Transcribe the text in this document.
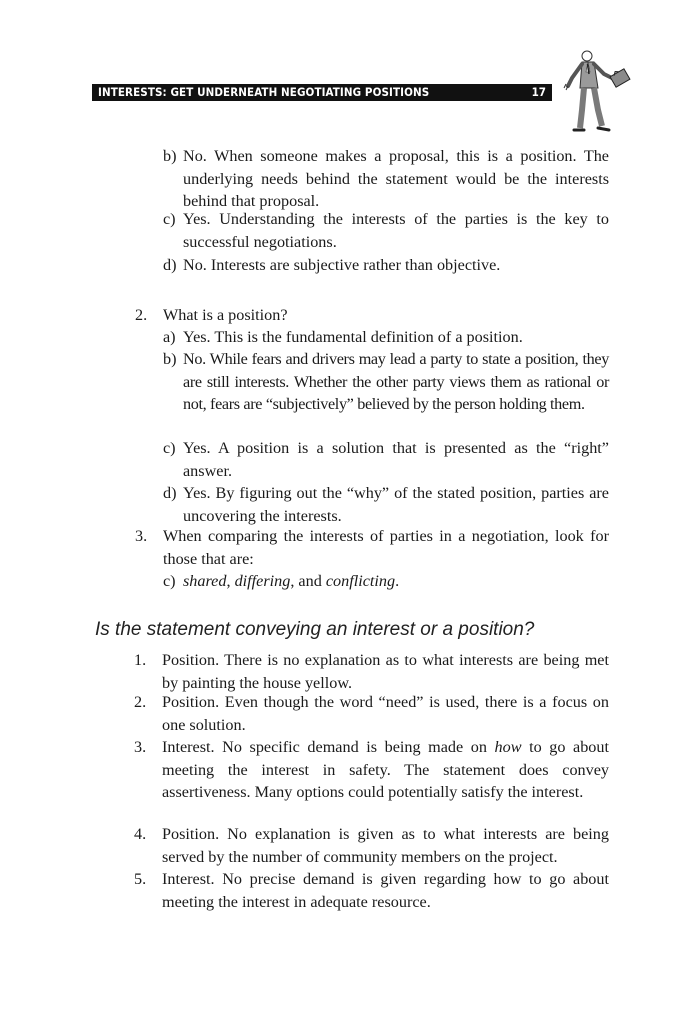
INTERESTS: GET UNDERNEATH NEGOTIATING POSITIONS	17
b) No. When someone makes a proposal, this is a position. The underlying needs behind the statement would be the interests behind that proposal.
c) Yes. Understanding the interests of the parties is the key to successful negotiations.
d) No. Interests are subjective rather than objective.
2. What is a position?
a) Yes. This is the fundamental definition of a position.
b) No. While fears and drivers may lead a party to state a position, they are still interests. Whether the other party views them as rational or not, fears are “subjectively” believed by the person holding them.
c) Yes. A position is a solution that is presented as the “right” answer.
d) Yes. By figuring out the “why” of the stated position, parties are uncovering the interests.
3. When comparing the interests of parties in a negotiation, look for those that are:
c) shared, differing, and conflicting.
Is the statement conveying an interest or a position?
1. Position. There is no explanation as to what interests are being met by painting the house yellow.
2. Position. Even though the word “need” is used, there is a focus on one solution.
3. Interest. No specific demand is being made on how to go about meeting the interest in safety. The statement does convey assertiveness. Many options could potentially satisfy the interest.
4. Position. No explanation is given as to what interests are being served by the number of community members on the project.
5. Interest. No precise demand is given regarding how to go about meeting the interest in adequate resource.
